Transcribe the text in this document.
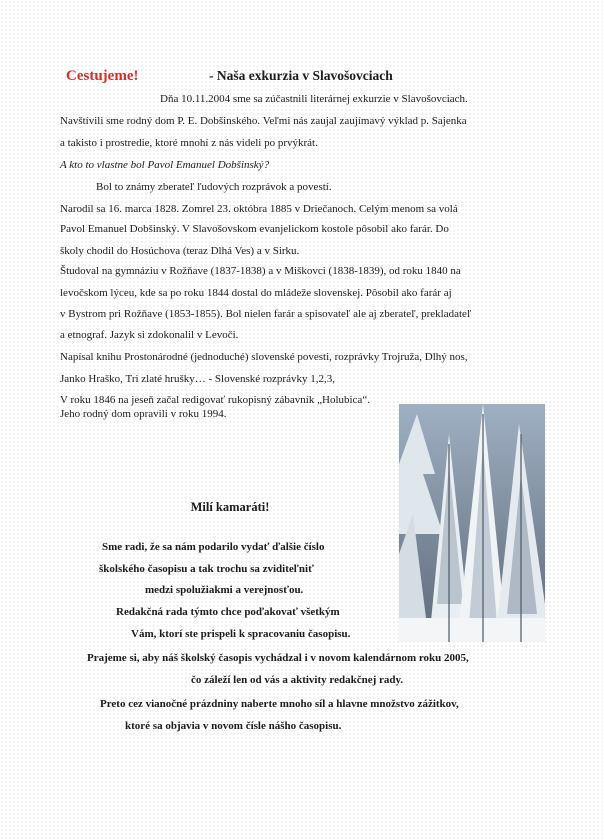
Cestujeme!	- Naša exkurzia v Slavošovciach
Dňa 10.11.2004 sme sa zúčastnili literárnej exkurzie v Slavošovciach.
Navštívili sme rodný dom P. E. Dobšinského. Veľmi nás zaujal zaujímavý výklad p. Sajenka
a takisto i prostredie, ktoré mnohí z nás videli po prvýkrát.
A kto to vlastne bol Pavol Emanuel Dobšinský?
Bol to známy zberateľ ľudových rozprávok a povestí.
Narodil sa 16. marca 1828. Zomrel 23. októbra 1885 v Driečanoch. Celým menom sa volá
Pavol Emanuel Dobšinský. V Slavošovskom evanjelickom kostole pôsobil ako farár. Do
školy chodil do Hosúchova (teraz Dlhá Ves) a v Sirku.
Študoval na gymnáziu v Rožňave (1837-1838) a v Miškovci (1838-1839), od roku 1840 na
levočskom lýceu, kde sa po roku 1844 dostal do mládeže slovenskej. Pôsobil ako farár aj
v Bystrom pri Rožňave (1853-1855). Bol nielen farár a spisovateľ ale aj zberateľ, prekladateľ
a etnograf. Jazyk si zdokonalil v Levoči.
Napísal knihu Prostonárodné (jednoduché) slovenské povesti, rozprávky Trojruža, Dlhý nos,
Janko Hraško, Tri zlaté hrušky… - Slovenské rozprávky 1,2,3,
V roku 1846 na jeseň začal redigovať rukopisný zábavník „Holubica“.
Jeho rodný dom opravili v roku 1994.
Milí kamaráti!
Sme radi, že sa nám podarilo vydať ďalšie číslo
školského časopisu a tak trochu sa zviditeľniť
medzi spolužiakmi a verejnosťou.
Redakčná rada týmto chce poďakovať všetkým
Vám, ktorí ste prispeli k spracovaniu časopisu.
Prajeme si, aby náš školský časopis vychádzal i v novom kalendárnom roku 2005,
čo záleží len od vás a aktivity redakčnej rady.
Preto cez vianočné prázdniny naberte mnoho síl a hlavne množstvo zážitkov,
ktoré sa objavia v novom čísle nášho časopisu.
